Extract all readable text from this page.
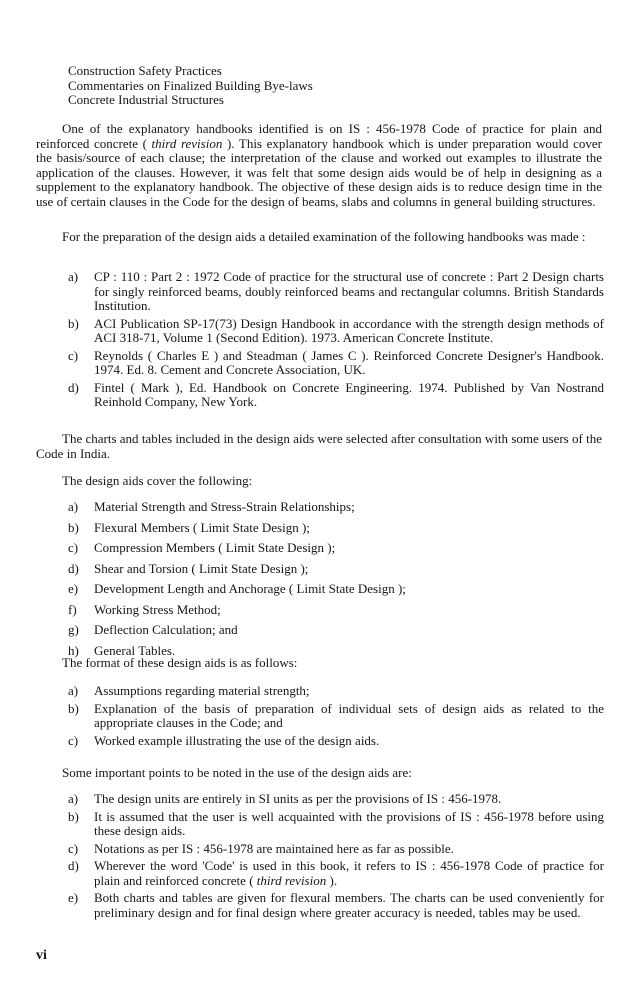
Construction Safety Practices
Commentaries on Finalized Building Bye-laws
Concrete Industrial Structures

One of the explanatory handbooks identified is on IS : 456-1978 Code of practice for plain and reinforced concrete ( third revision ). This explanatory handbook which is under preparation would cover the basis/source of each clause; the interpretation of the clause and worked out examples to illustrate the application of the clauses. However, it was felt that some design aids would be of help in designing as a supplement to the explanatory handbook. The objective of these design aids is to reduce design time in the use of certain clauses in the Code for the design of beams, slabs and columns in general building structures.

For the preparation of the design aids a detailed examination of the following handbooks was made :

a) CP : 110 : Part 2 : 1972 Code of practice for the structural use of concrete : Part 2 Design charts for singly reinforced beams, doubly reinforced beams and rectangular columns. British Standards Institution.
b) ACI Publication SP-17(73) Design Handbook in accordance with the strength design methods of ACI 318-71, Volume 1 (Second Edition). 1973. American Concrete Institute.
c) Reynolds ( Charles E ) and Steadman ( James C ). Reinforced Concrete Designer's Handbook. 1974. Ed. 8. Cement and Concrete Association, UK.
d) Fintel ( Mark ), Ed. Handbook on Concrete Engineering. 1974. Published by Van Nostrand Reinhold Company, New York.

The charts and tables included in the design aids were selected after consultation with some users of the Code in India.

The design aids cover the following:

a) Material Strength and Stress-Strain Relationships;
b) Flexural Members ( Limit State Design );
c) Compression Members ( Limit State Design );
d) Shear and Torsion ( Limit State Design );
e) Development Length and Anchorage ( Limit State Design );
f) Working Stress Method;
g) Deflection Calculation; and
h) General Tables.

The format of these design aids is as follows:

a) Assumptions regarding material strength;
b) Explanation of the basis of preparation of individual sets of design aids as related to the appropriate clauses in the Code; and
c) Worked example illustrating the use of the design aids.

Some important points to be noted in the use of the design aids are:

a) The design units are entirely in SI units as per the provisions of IS : 456-1978.
b) It is assumed that the user is well acquainted with the provisions of IS : 456-1978 before using these design aids.
c) Notations as per IS : 456-1978 are maintained here as far as possible.
d) Wherever the word 'Code' is used in this book, it refers to IS : 456-1978 Code of practice for plain and reinforced concrete ( third revision ).
e) Both charts and tables are given for flexural members. The charts can be used conveniently for preliminary design and for final design where greater accuracy is needed, tables may be used.
vi
